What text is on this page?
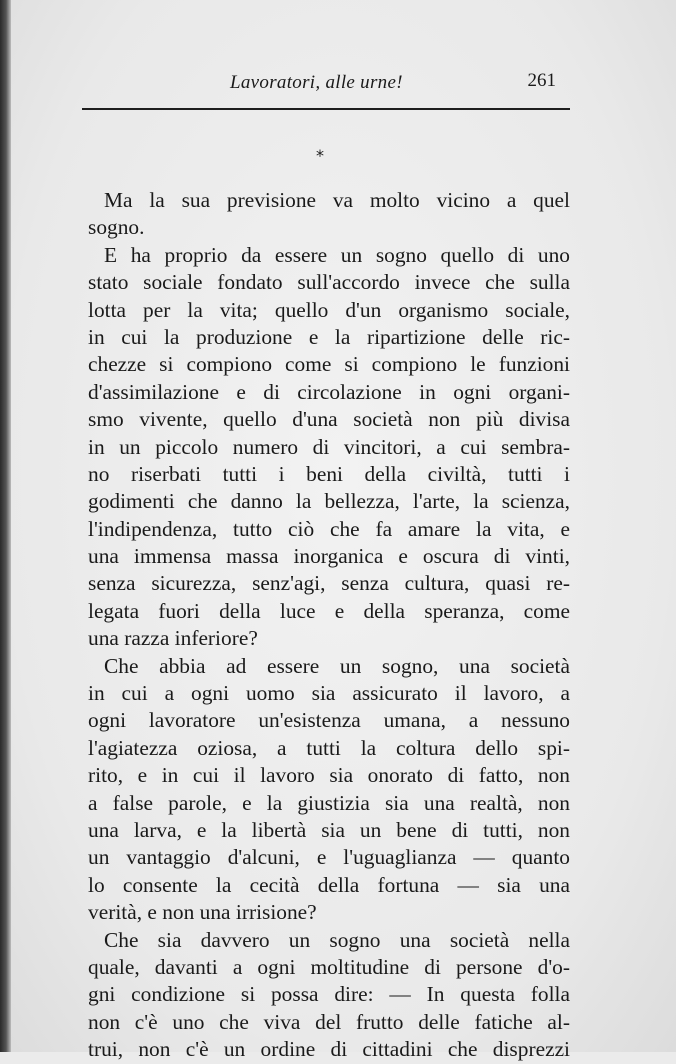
Lavoratori, alle urne!	261
*
Ma la sua previsione va molto vicino a quel
sogno.
E ha proprio da essere un sogno quello di uno
stato sociale fondato sull'accordo invece che sulla
lotta per la vita; quello d'un organismo sociale,
in cui la produzione e la ripartizione delle ric-
chezze si compiono come si compiono le funzioni
d'assimilazione e di circolazione in ogni organi-
smo vivente, quello d'una società non più divisa
in un piccolo numero di vincitori, a cui sembra-
no riserbati tutti i beni della civiltà, tutti i
godimenti che danno la bellezza, l'arte, la scienza,
l'indipendenza, tutto ciò che fa amare la vita, e
una immensa massa inorganica e oscura di vinti,
senza sicurezza, senz'agi, senza cultura, quasi re-
legata fuori della luce e della speranza, come
una razza inferiore?
Che abbia ad essere un sogno, una società
in cui a ogni uomo sia assicurato il lavoro, a
ogni lavoratore un'esistenza umana, a nessuno
l'agiatezza oziosa, a tutti la coltura dello spi-
rito, e in cui il lavoro sia onorato di fatto, non
a false parole, e la giustizia sia una realtà, non
una larva, e la libertà sia un bene di tutti, non
un vantaggio d'alcuni, e l'uguaglianza — quanto
lo consente la cecità della fortuna — sia una
verità, e non una irrisione?
Che sia davvero un sogno una società nella
quale, davanti a ogni moltitudine di persone d'o-
gni condizione si possa dire: — In questa folla
non c'è uno che viva del frutto delle fatiche al-
trui, non c'è un ordine di cittadini che disprezzi
